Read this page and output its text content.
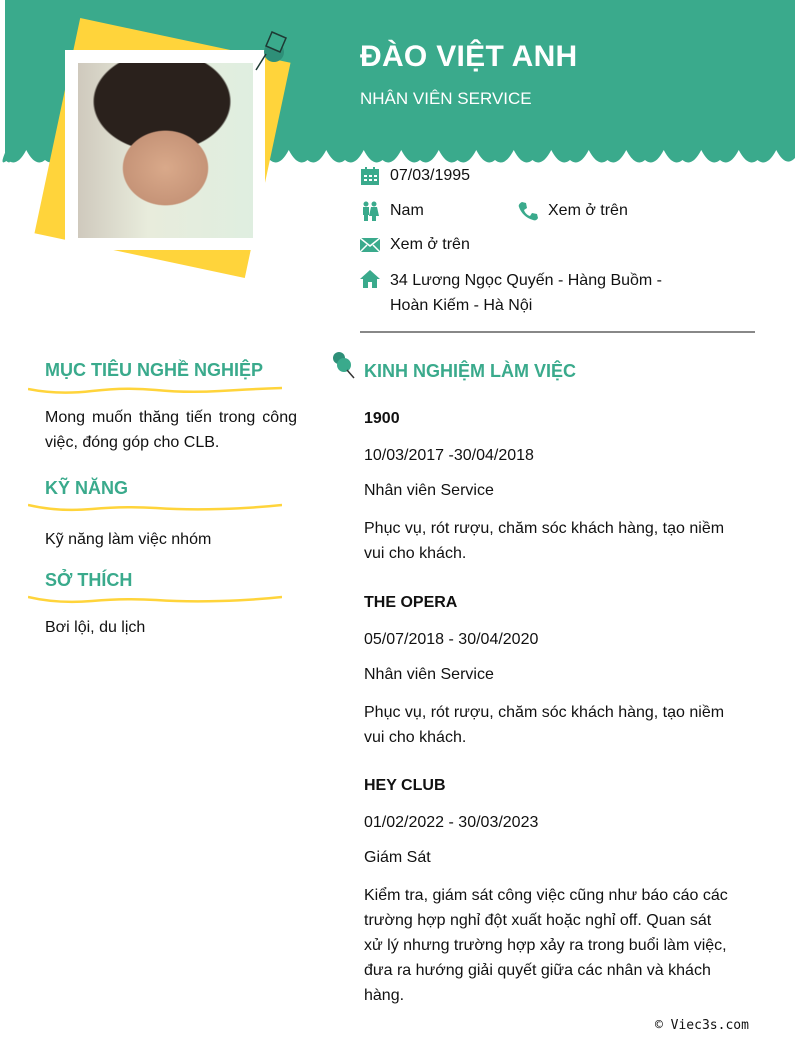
ĐÀO VIỆT ANH
NHÂN VIÊN SERVICE
07/03/1995
Nam	Xem ở trên
Xem ở trên
34 Lương Ngọc Quyến - Hàng Buồm - Hoàn Kiếm - Hà Nội
MỤC TIÊU NGHỀ NGHIỆP
Mong muốn thăng tiến trong công việc, đóng góp cho CLB.
KỸ NĂNG
Kỹ năng làm việc nhóm
SỞ THÍCH
Bơi lội, du lịch
KINH NGHIỆM LÀM VIỆC
1900
10/03/2017 -30/04/2018
Nhân viên Service
Phục vụ, rót rượu, chăm sóc khách hàng, tạo niềm vui cho khách.
THE OPERA
05/07/2018 - 30/04/2020
Nhân viên Service
Phục vụ, rót rượu, chăm sóc khách hàng, tạo niềm vui cho khách.
HEY CLUB
01/02/2022 - 30/03/2023
Giám Sát
Kiểm tra, giám sát công việc cũng như báo cáo các trường hợp nghỉ đột xuất hoặc nghỉ off. Quan sát xử lý nhưng trường hợp xảy ra trong buổi làm việc, đưa ra hướng giải quyết giữa các nhân và khách hàng.
© Viec3s.com
